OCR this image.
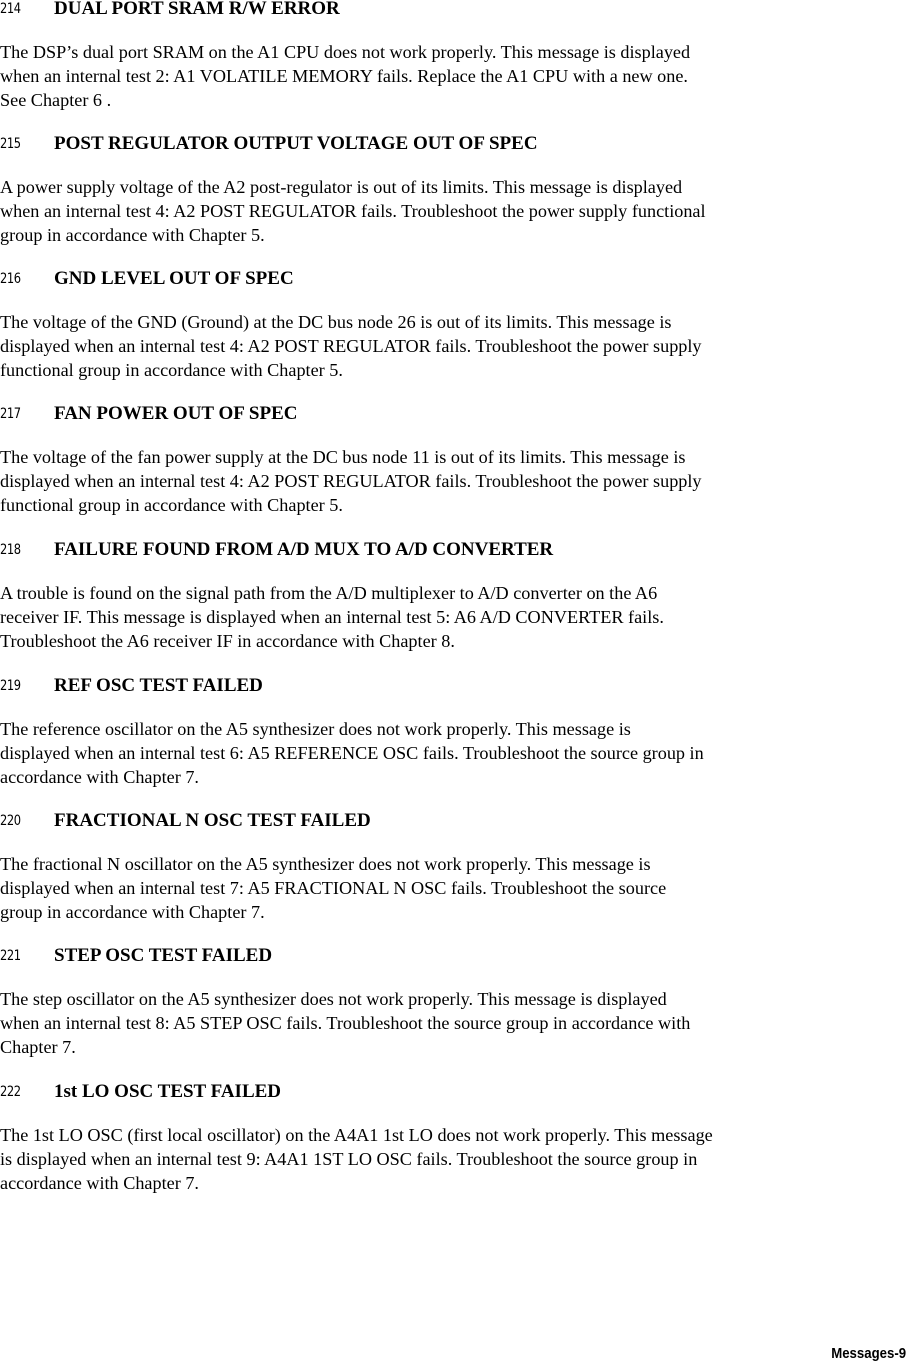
214 DUAL PORT SRAM R/W ERROR

The DSP’s dual port SRAM on the A1 CPU does not work properly. This message is displayed
when an internal test 2: A1 VOLATILE MEMORY fails. Replace the A1 CPU with a new one.
See Chapter 6 .

215 POST REGULATOR OUTPUT VOLTAGE OUT OF SPEC

A power supply voltage of the A2 post-regulator is out of its limits. This message is displayed
when an internal test 4: A2 POST REGULATOR fails. Troubleshoot the power supply functional
group in accordance with Chapter 5.

216 GND LEVEL OUT OF SPEC

The voltage of the GND (Ground) at the DC bus node 26 is out of its limits. This message is
displayed when an internal test 4: A2 POST REGULATOR fails. Troubleshoot the power supply
functional group in accordance with Chapter 5.

217 FAN POWER OUT OF SPEC

The voltage of the fan power supply at the DC bus node 11 is out of its limits. This message is
displayed when an internal test 4: A2 POST REGULATOR fails. Troubleshoot the power supply
functional group in accordance with Chapter 5.

218 FAILURE FOUND FROM A/D MUX TO A/D CONVERTER

A trouble is found on the signal path from the A/D multiplexer to A/D converter on the A6
receiver IF. This message is displayed when an internal test 5: A6 A/D CONVERTER fails.
Troubleshoot the A6 receiver IF in accordance with Chapter 8.

219 REF OSC TEST FAILED

The reference oscillator on the A5 synthesizer does not work properly. This message is
displayed when an internal test 6: A5 REFERENCE OSC fails. Troubleshoot the source group in
accordance with Chapter 7.

220 FRACTIONAL N OSC TEST FAILED

The fractional N oscillator on the A5 synthesizer does not work properly. This message is
displayed when an internal test 7: A5 FRACTIONAL N OSC fails. Troubleshoot the source
group in accordance with Chapter 7.

221 STEP OSC TEST FAILED

The step oscillator on the A5 synthesizer does not work properly. This message is displayed
when an internal test 8: A5 STEP OSC fails. Troubleshoot the source group in accordance with
Chapter 7.

222 1st LO OSC TEST FAILED

The 1st LO OSC (first local oscillator) on the A4A1 1st LO does not work properly. This message
is displayed when an internal test 9: A4A1 1ST LO OSC fails. Troubleshoot the source group in
accordance with Chapter 7.

Messages-9
